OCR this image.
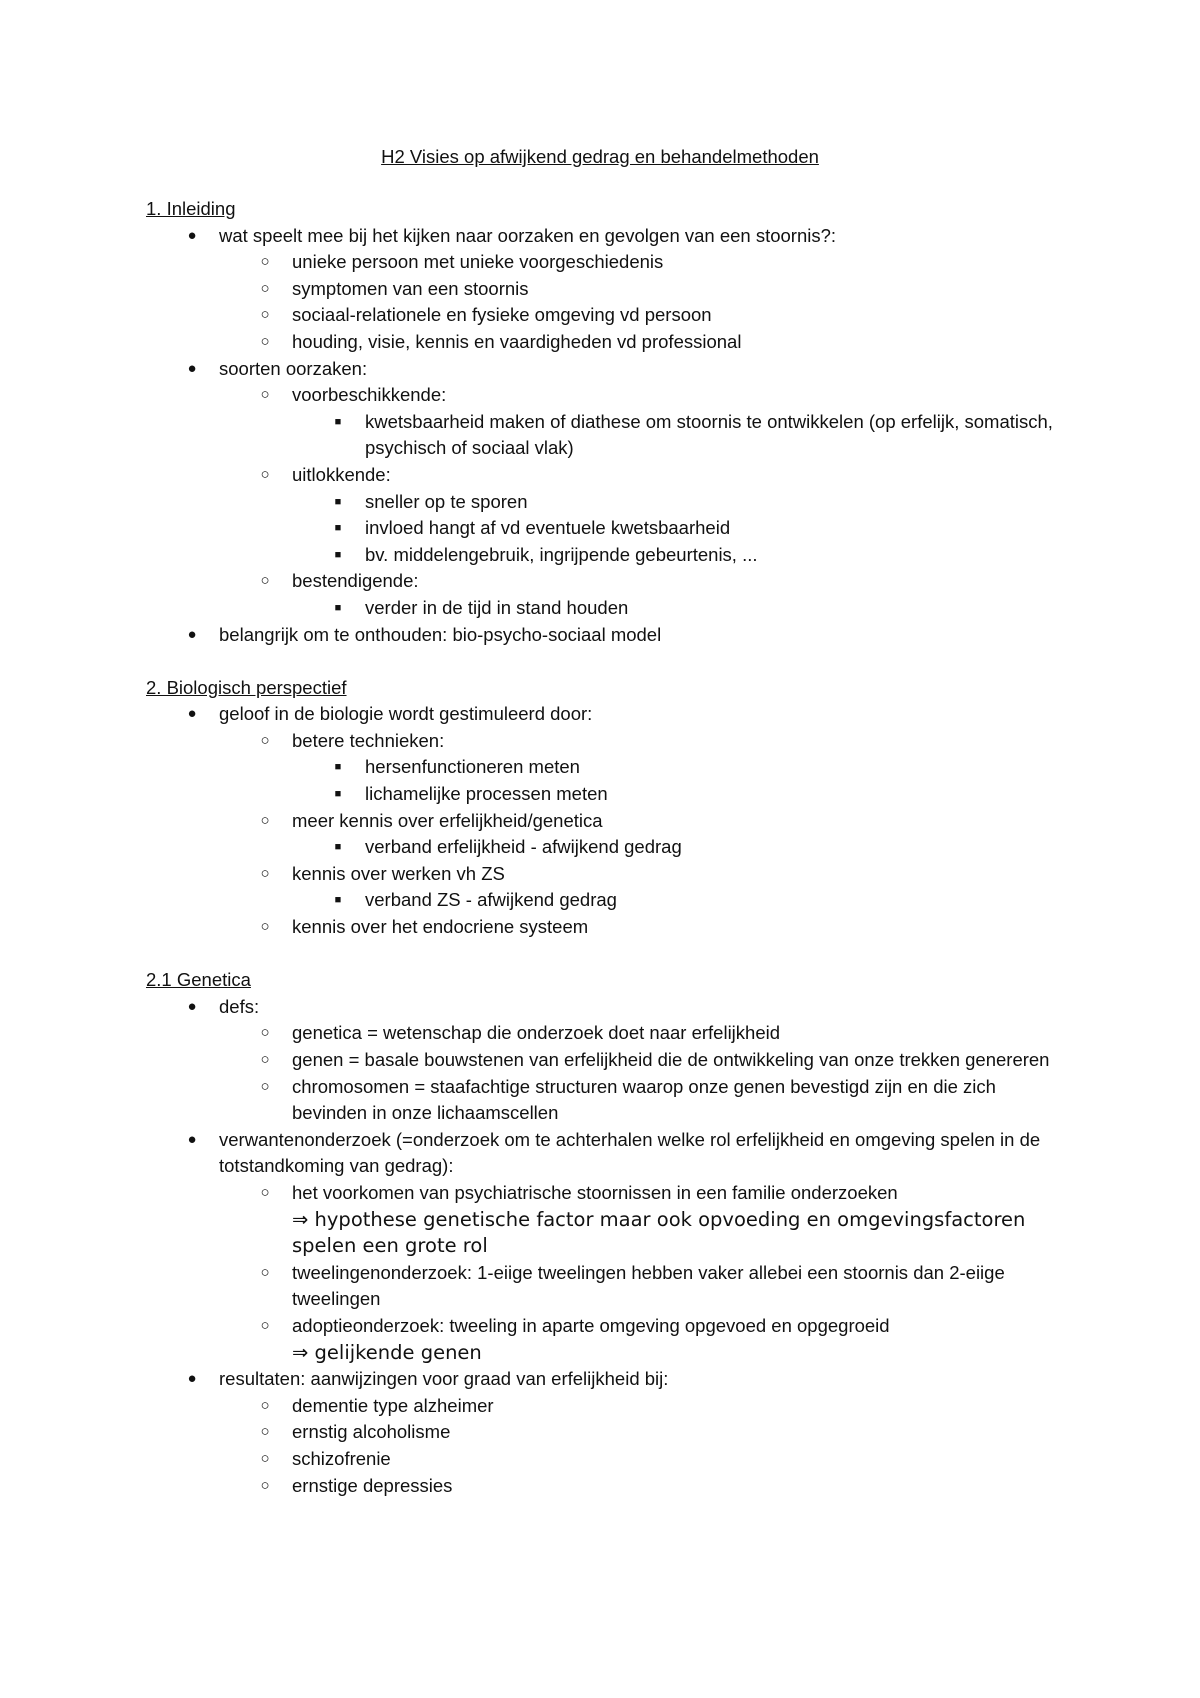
H2 Visies op afwijkend gedrag en behandelmethoden
1. Inleiding
● wat speelt mee bij het kijken naar oorzaken en gevolgen van een stoornis?:
○ unieke persoon met unieke voorgeschiedenis
○ symptomen van een stoornis
○ sociaal-relationele en fysieke omgeving vd persoon
○ houding, visie, kennis en vaardigheden vd professional
● soorten oorzaken:
○ voorbeschikkende:
■	kwetsbaarheid maken of diathese om stoornis te ontwikkelen (op erfelijk, somatisch, psychisch of sociaal vlak)
○ uitlokkende:
■	sneller op te sporen
■	invloed hangt af vd eventuele kwetsbaarheid
■	bv. middelengebruik, ingrijpende gebeurtenis, ...
○ bestendigende:
■	verder in de tijd in stand houden
● belangrijk om te onthouden: bio-psycho-sociaal model
2. Biologisch perspectief
● geloof in de biologie wordt gestimuleerd door:
○ betere technieken:
■	hersenfunctioneren meten
■	lichamelijke processen meten
○ meer kennis over erfelijkheid/genetica
■	verband erfelijkheid - afwijkend gedrag
○ kennis over werken vh ZS
■	verband ZS - afwijkend gedrag
○ kennis over het endocriene systeem
2.1 Genetica
● defs:
○ genetica = wetenschap die onderzoek doet naar erfelijkheid
○ genen = basale bouwstenen van erfelijkheid die de ontwikkeling van onze trekken genereren
○ chromosomen = staafachtige structuren waarop onze genen bevestigd zijn en die zich bevinden in onze lichaamscellen
● verwantenonderzoek (=onderzoek om te achterhalen welke rol erfelijkheid en omgeving spelen in de totstandkoming van gedrag):
○ het voorkomen van psychiatrische stoornissen in een familie onderzoeken
⇒ hypothese genetische factor maar ook opvoeding en omgevingsfactoren spelen een grote rol
○ tweelingenonderzoek: 1-eiige tweelingen hebben vaker allebei een stoornis dan 2-eiige tweelingen
○ adoptieonderzoek: tweeling in aparte omgeving opgevoed en opgegroeid
⇒ gelijkende genen
● resultaten: aanwijzingen voor graad van erfelijkheid bij:
○ dementie type alzheimer
○ ernstig alcoholisme
○ schizofrenie
○ ernstige depressies
